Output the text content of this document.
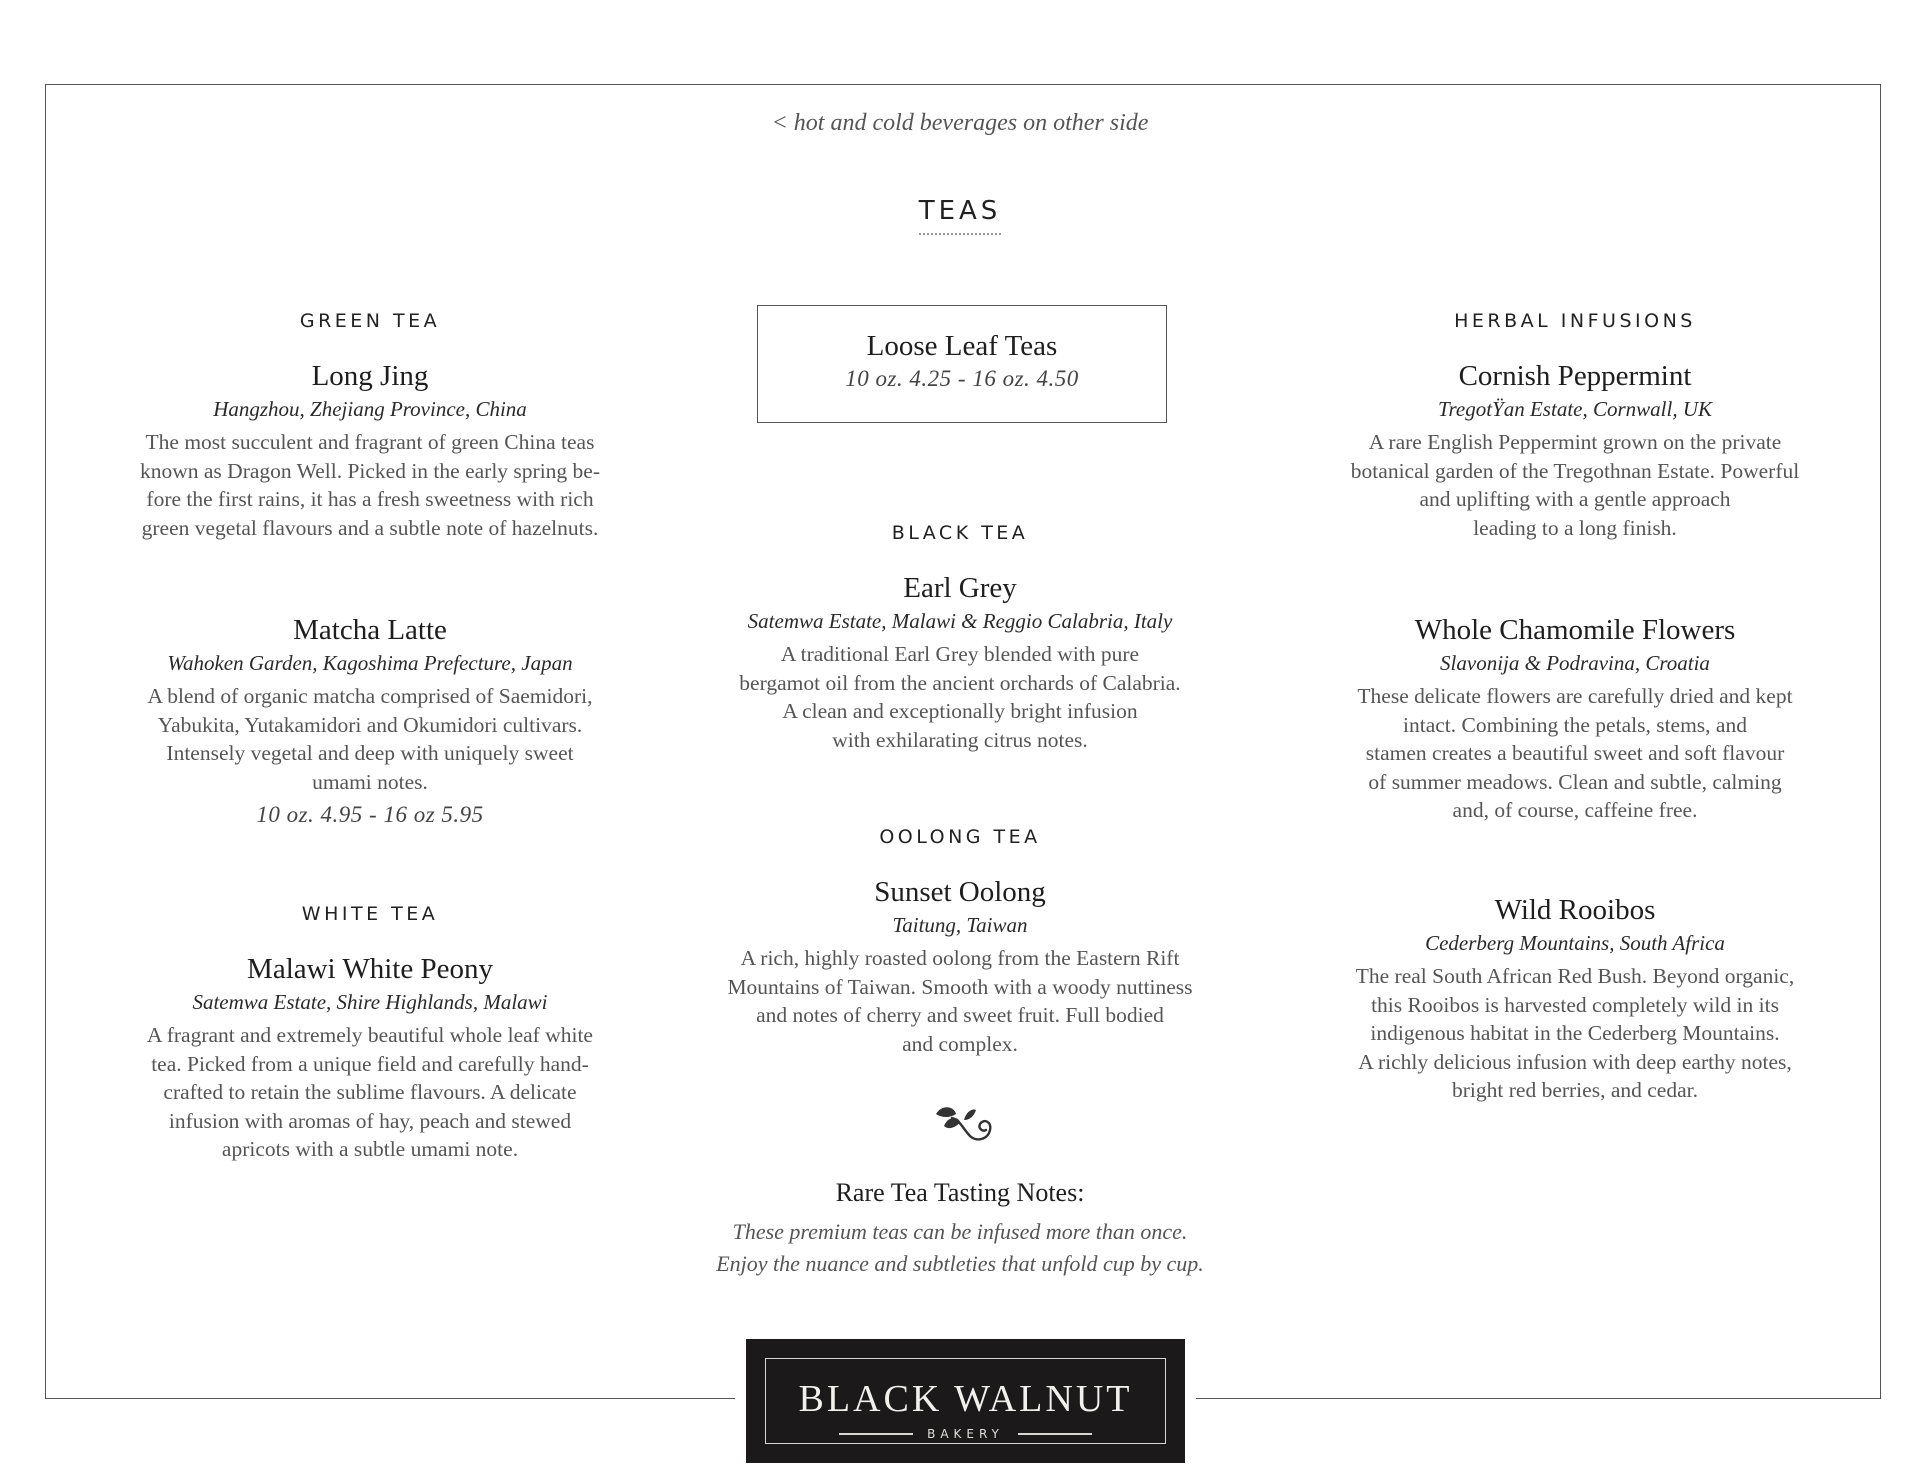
< hot and cold beverages on other side
TEAS
GREEN TEA
Long Jing
Hangzhou, Zhejiang Province, China
The most succulent and fragrant of green China teas
known as Dragon Well. Picked in the early spring be-
fore the first rains, it has a fresh sweetness with rich
green vegetal flavours and a subtle note of hazelnuts.
Matcha Latte
Wahoken Garden, Kagoshima Prefecture, Japan
A blend of organic matcha comprised of Saemidori,
Yabukita, Yutakamidori and Okumidori cultivars.
Intensely vegetal and deep with uniquely sweet
umami notes.
10 oz. 4.95 - 16 oz 5.95
WHITE TEA
Malawi White Peony
Satemwa Estate, Shire Highlands, Malawi
A fragrant and extremely beautiful whole leaf white
tea. Picked from a unique field and carefully hand-
crafted to retain the sublime flavours. A delicate
infusion with aromas of hay, peach and stewed
apricots with a subtle umami note.
Loose Leaf Teas
10 oz. 4.25 - 16 oz. 4.50
BLACK TEA
Earl Grey
Satemwa Estate, Malawi & Reggio Calabria, Italy
A traditional Earl Grey blended with pure
bergamot oil from the ancient orchards of Calabria.
A clean and exceptionally bright infusion
with exhilarating citrus notes.
OOLONG TEA
Sunset Oolong
Taitung, Taiwan
A rich, highly roasted oolong from the Eastern Rift
Mountains of Taiwan. Smooth with a woody nuttiness
and notes of cherry and sweet fruit. Full bodied
and complex.
Rare Tea Tasting Notes:
These premium teas can be infused more than once.
Enjoy the nuance and subtleties that unfold cup by cup.
HERBAL INFUSIONS
Cornish Peppermint
TregotŸan Estate, Cornwall, UK
A rare English Peppermint grown on the private
botanical garden of the Tregothnan Estate. Powerful
and uplifting with a gentle approach
leading to a long finish.
Whole Chamomile Flowers
Slavonija & Podravina, Croatia
These delicate flowers are carefully dried and kept
intact. Combining the petals, stems, and
stamen creates a beautiful sweet and soft flavour
of summer meadows. Clean and subtle, calming
and, of course, caffeine free.
Wild Rooibos
Cederberg Mountains, South Africa
The real South African Red Bush. Beyond organic,
this Rooibos is harvested completely wild in its
indigenous habitat in the Cederberg Mountains.
A richly delicious infusion with deep earthy notes,
bright red berries, and cedar.
BLACK WALNUT
BAKERY
